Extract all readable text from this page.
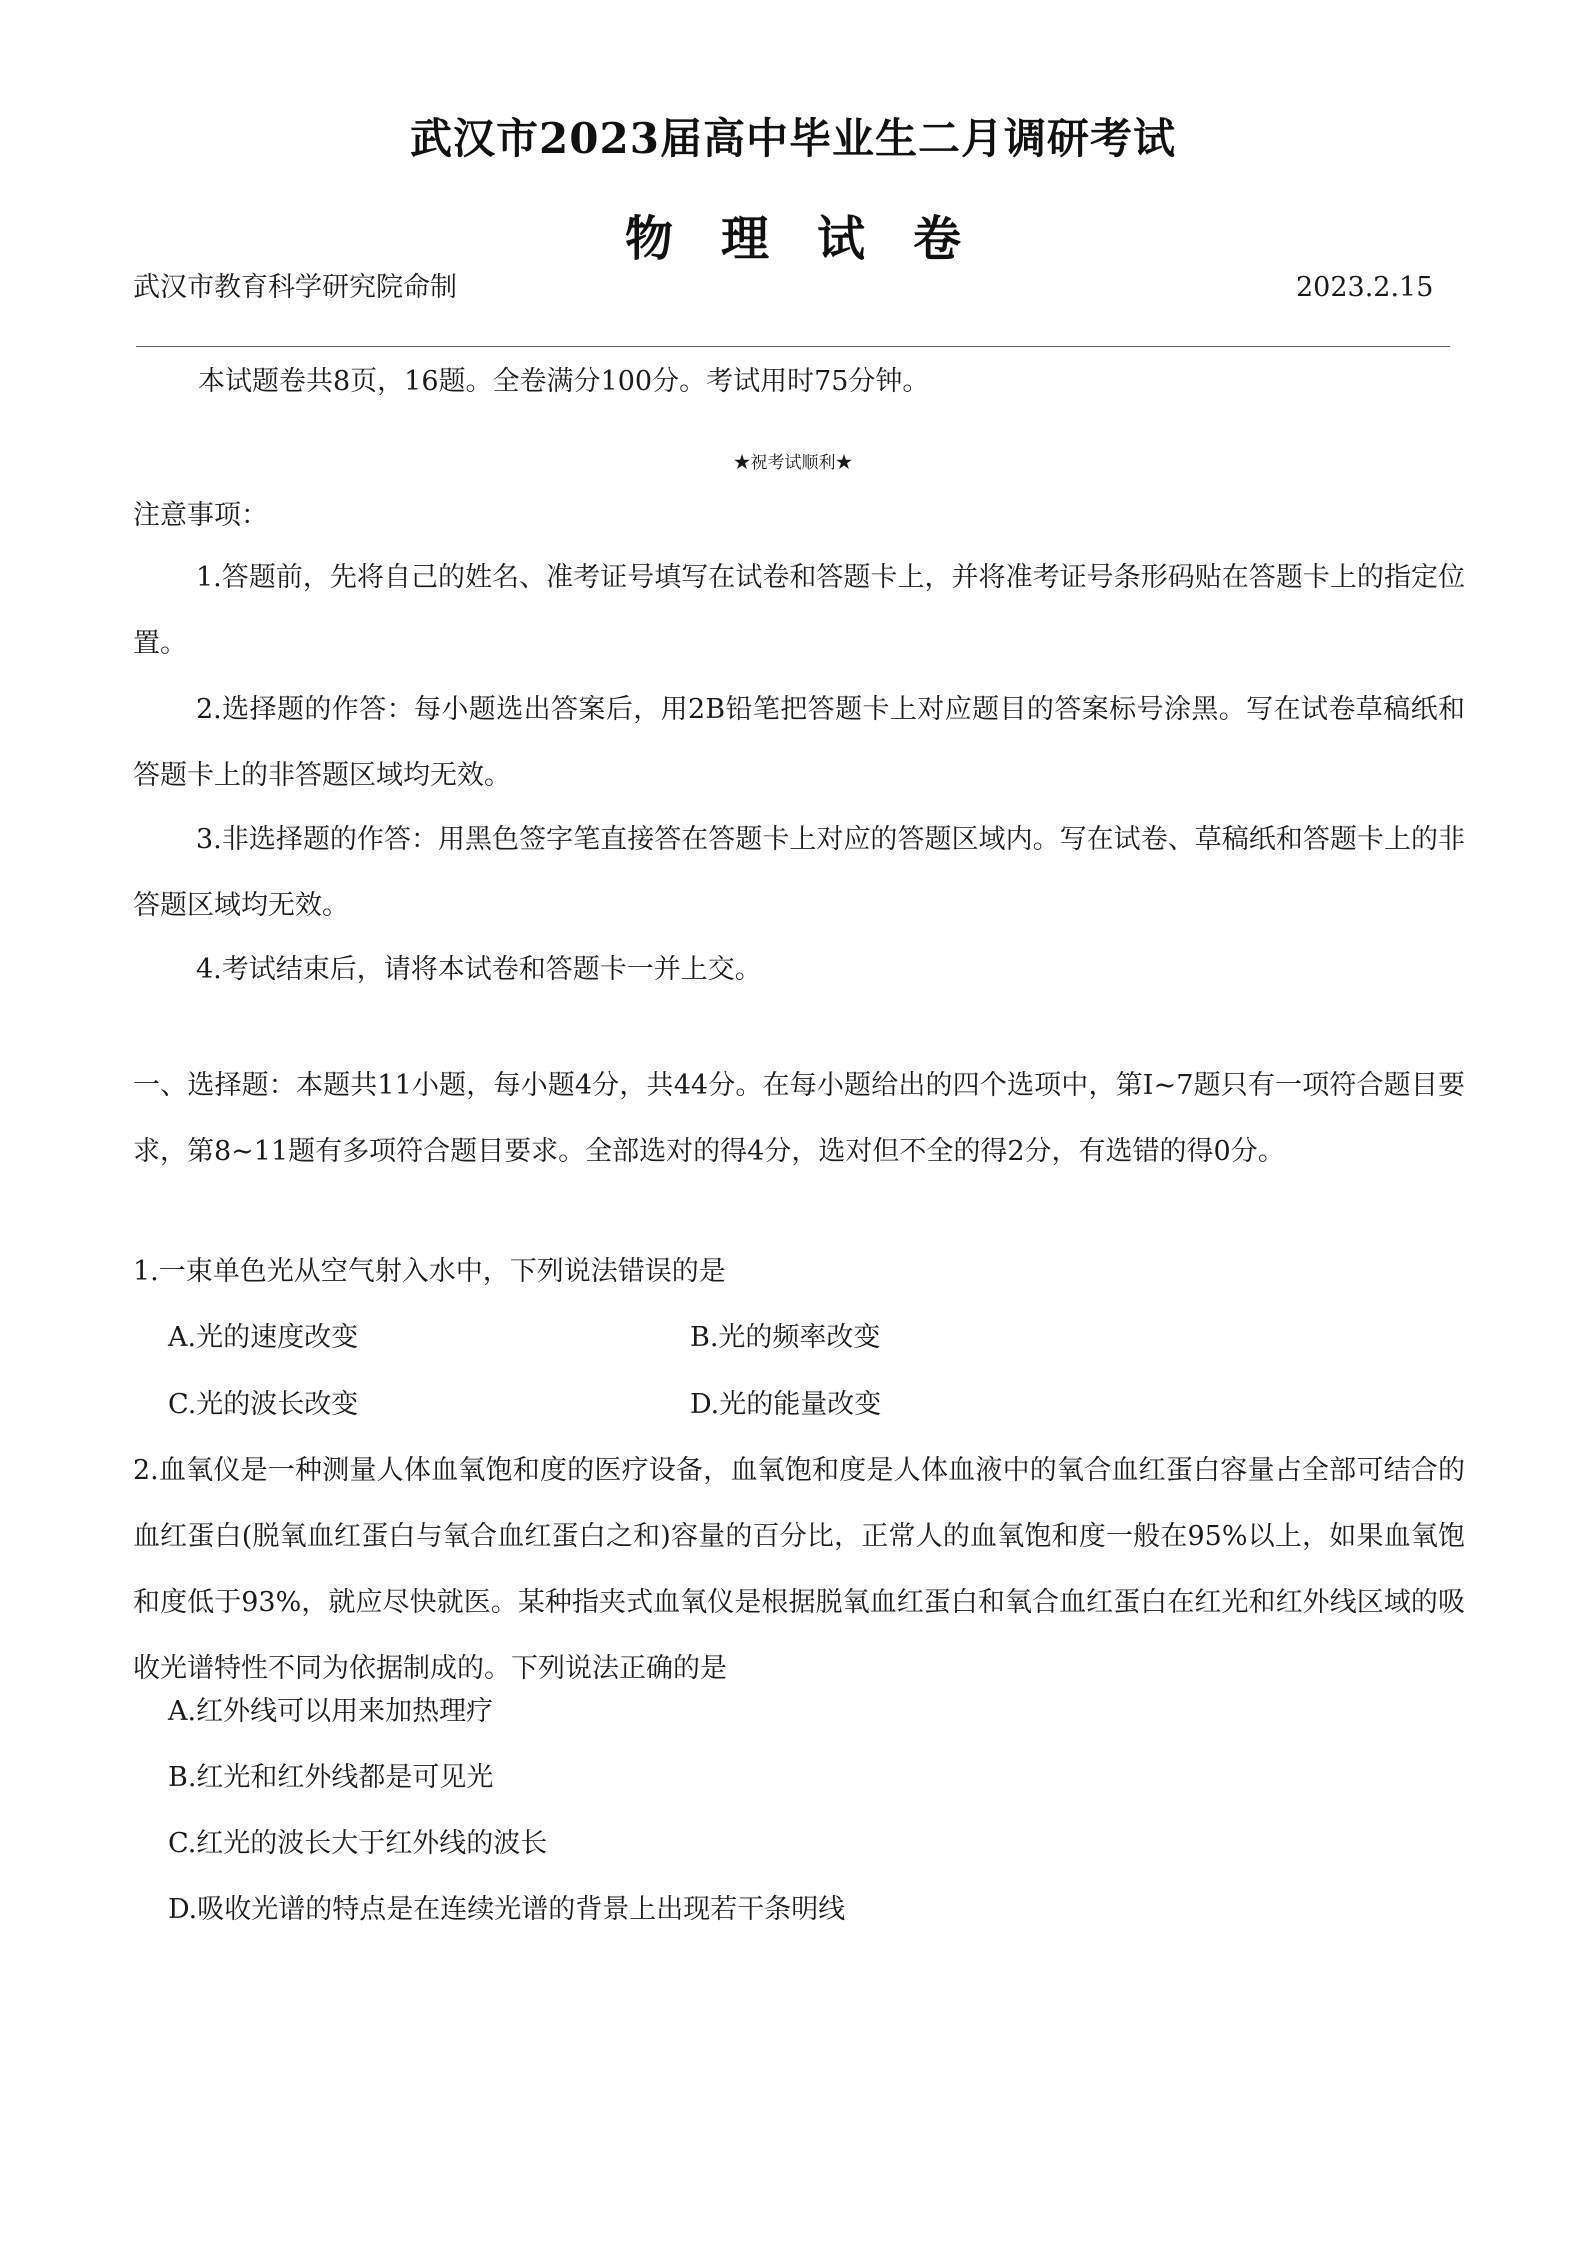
武汉市2023届高中毕业生二月调研考试
物理试卷
武汉市教育科学研究院命制	2023.2.15
本试题卷共8页，16题。全卷满分100分。考试用时75分钟。
★祝考试顺利★
注意事项：
1.答题前，先将自己的姓名、准考证号填写在试卷和答题卡上，并将准考证号条形码贴在答题卡上的指定位置。
2.选择题的作答：每小题选出答案后，用2B铅笔把答题卡上对应题目的答案标号涂黑。写在试卷草稿纸和答题卡上的非答题区域均无效。
3.非选择题的作答：用黑色签字笔直接答在答题卡上对应的答题区域内。写在试卷、草稿纸和答题卡上的非答题区域均无效。
4.考试结束后，请将本试卷和答题卡一并上交。
一、选择题：本题共11小题，每小题4分，共44分。在每小题给出的四个选项中，第Ⅰ~7题只有一项符合题目要求，第8~11题有多项符合题目要求。全部选对的得4分，选对但不全的得2分，有选错的得0分。
1.一束单色光从空气射入水中，下列说法错误的是
A.光的速度改变	B.光的频率改变
C.光的波长改变	D.光的能量改变
2.血氧仪是一种测量人体血氧饱和度的医疗设备，血氧饱和度是人体血液中的氧合血红蛋白容量占全部可结合的血红蛋白(脱氧血红蛋白与氧合血红蛋白之和)容量的百分比，正常人的血氧饱和度一般在95%以上，如果血氧饱和度低于93%，就应尽快就医。某种指夹式血氧仪是根据脱氧血红蛋白和氧合血红蛋白在红光和红外线区域的吸收光谱特性不同为依据制成的。下列说法正确的是
A.红外线可以用来加热理疗
B.红光和红外线都是可见光
C.红光的波长大于红外线的波长
D.吸收光谱的特点是在连续光谱的背景上出现若干条明线
